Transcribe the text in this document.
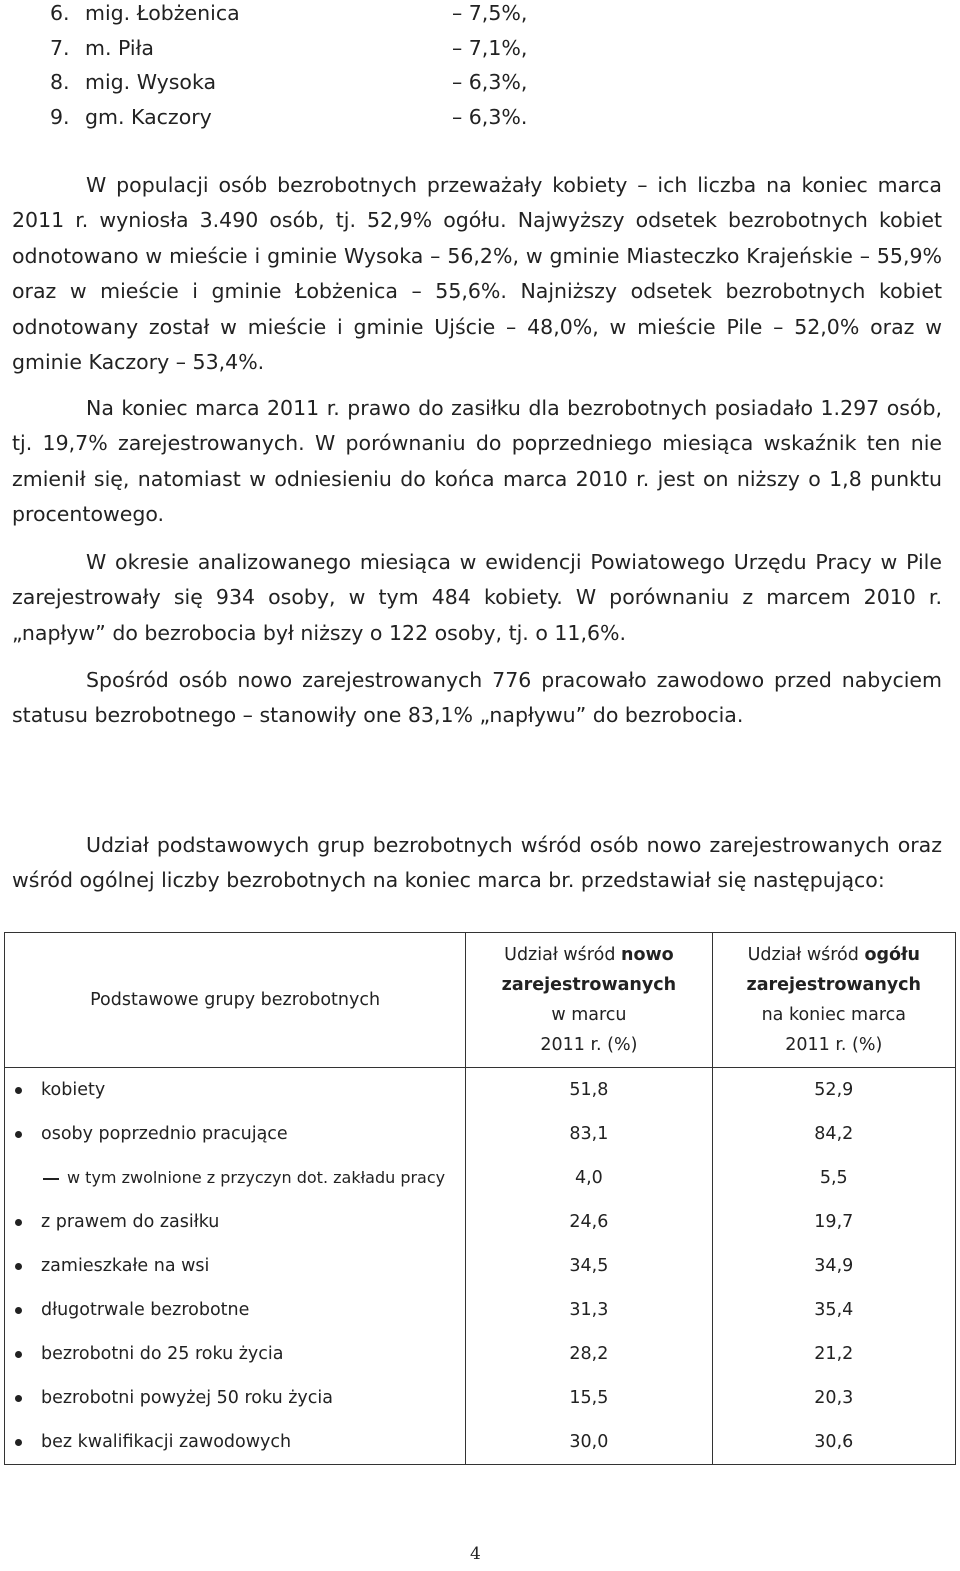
6. mig. Łobżenica	– 7,5%,
7. m. Piła	– 7,1%,
8. mig. Wysoka	– 6,3%,
9. gm. Kaczory	– 6,3%.

W populacji osób bezrobotnych przeważały kobiety – ich liczba na koniec marca 2011 r. wyniosła 3.490 osób, tj. 52,9% ogółu. Najwyższy odsetek bezrobotnych kobiet odnotowano w mieście i gminie Wysoka – 56,2%, w gminie Miasteczko Krajeńskie – 55,9% oraz w mieście i gminie Łobżenica – 55,6%. Najniższy odsetek bezrobotnych kobiet odnotowany został w mieście i gminie Ujście – 48,0%, w mieście Pile – 52,0% oraz w gminie Kaczory – 53,4%.

Na koniec marca 2011 r. prawo do zasiłku dla bezrobotnych posiadało 1.297 osób, tj. 19,7% zarejestrowanych. W porównaniu do poprzedniego miesiąca wskaźnik ten nie zmienił się, natomiast w odniesieniu do końca marca 2010 r. jest on niższy o 1,8 punktu procentowego.

W okresie analizowanego miesiąca w ewidencji Powiatowego Urzędu Pracy w Pile zarejestrowały się 934 osoby, w tym 484 kobiety. W porównaniu z marcem 2010 r. „napływ” do bezrobocia był niższy o 122 osoby, tj. o 11,6%.

Spośród osób nowo zarejestrowanych 776 pracowało zawodowo przed nabyciem statusu bezrobotnego – stanowiły one 83,1% „napływu” do bezrobocia.

Udział podstawowych grup bezrobotnych wśród osób nowo zarejestrowanych oraz wśród ogólnej liczby bezrobotnych na koniec marca br. przedstawiał się następująco:

Podstawowe grupy bezrobotnych	Udział wśród nowo
zarejestrowanych
w marcu
2011 r. (%)	Udział wśród ogółu
zarejestrowanych
na koniec marca
2011 r. (%)

kobiety	51,8	52,9

osoby poprzednio pracujące	83,1	84,2

w tym zwolnione z przyczyn dot. zakładu pracy	4,0	5,5

z prawem do zasiłku	24,6	19,7

zamieszkałe na wsi	34,5	34,9

długotrwale bezrobotne	31,3	35,4

bezrobotni do 25 roku życia	28,2	21,2

bezrobotni powyżej 50 roku życia	15,5	20,3

bez kwalifikacji zawodowych	30,0	30,6
4
